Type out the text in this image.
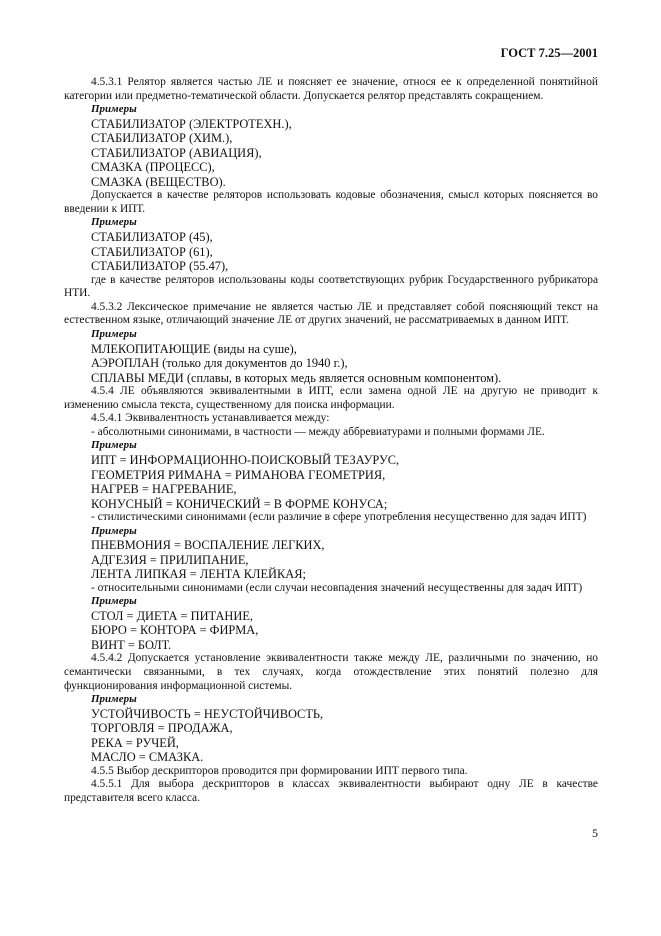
ГОСТ 7.25—2001
4.5.3.1 Релятор является частью ЛЕ и поясняет ее значение, относя ее к определенной понятийной категории или предметно-тематической области. Допускается релятор представлять сокращением.
Примеры
СТАБИЛИЗАТОР (ЭЛЕКТРОТЕХН.),
СТАБИЛИЗАТОР (ХИМ.),
СТАБИЛИЗАТОР (АВИАЦИЯ),
СМАЗКА (ПРОЦЕСС),
СМАЗКА (ВЕЩЕСТВО).
Допускается в качестве реляторов использовать кодовые обозначения, смысл которых поясняется во введении к ИПТ.
Примеры
СТАБИЛИЗАТОР (45),
СТАБИЛИЗАТОР (61),
СТАБИЛИЗАТОР (55.47),
где в качестве реляторов использованы коды соответствующих рубрик Государственного рубрикатора НТИ.
4.5.3.2 Лексическое примечание не является частью ЛЕ и представляет собой поясняющий текст на естественном языке, отличающий значение ЛЕ от других значений, не рассматриваемых в данном ИПТ.
Примеры
МЛЕКОПИТАЮЩИЕ (виды на суше),
АЭРОПЛАН (только для документов до 1940 г.),
СПЛАВЫ МЕДИ (сплавы, в которых медь является основным компонентом).
4.5.4 ЛЕ объявляются эквивалентными в ИПТ, если замена одной ЛЕ на другую не приводит к изменению смысла текста, существенному для поиска информации.
4.5.4.1 Эквивалентность устанавливается между:
- абсолютными синонимами, в частности — между аббревиатурами и полными формами ЛЕ.
Примеры
ИПТ = ИНФОРМАЦИОННО-ПОИСКОВЫЙ ТЕЗАУРУС,
ГЕОМЕТРИЯ РИМАНА = РИМАНОВА ГЕОМЕТРИЯ,
НАГРЕВ = НАГРЕВАНИЕ,
КОНУСНЫЙ = КОНИЧЕСКИЙ = В ФОРМЕ КОНУСА;
- стилистическими синонимами (если различие в сфере употребления несущественно для задач ИПТ)
Примеры
ПНЕВМОНИЯ = ВОСПАЛЕНИЕ ЛЕГКИХ,
АДГЕЗИЯ = ПРИЛИПАНИЕ,
ЛЕНТА ЛИПКАЯ = ЛЕНТА КЛЕЙКАЯ;
- относительными синонимами (если случаи несовпадения значений несущественны для задач ИПТ)
Примеры
СТОЛ = ДИЕТА = ПИТАНИЕ,
БЮРО = КОНТОРА = ФИРМА,
ВИНТ = БОЛТ.
4.5.4.2 Допускается установление эквивалентности также между ЛЕ, различными по значению, но семантически связанными, в тех случаях, когда отождествление этих понятий полезно для функционирования информационной системы.
Примеры
УСТОЙЧИВОСТЬ = НЕУСТОЙЧИВОСТЬ,
ТОРГОВЛЯ = ПРОДАЖА,
РЕКА = РУЧЕЙ,
МАСЛО = СМАЗКА.
4.5.5 Выбор дескрипторов проводится при формировании ИПТ первого типа.
4.5.5.1 Для выбора дескрипторов в классах эквивалентности выбирают одну ЛЕ в качестве представителя всего класса.
5
